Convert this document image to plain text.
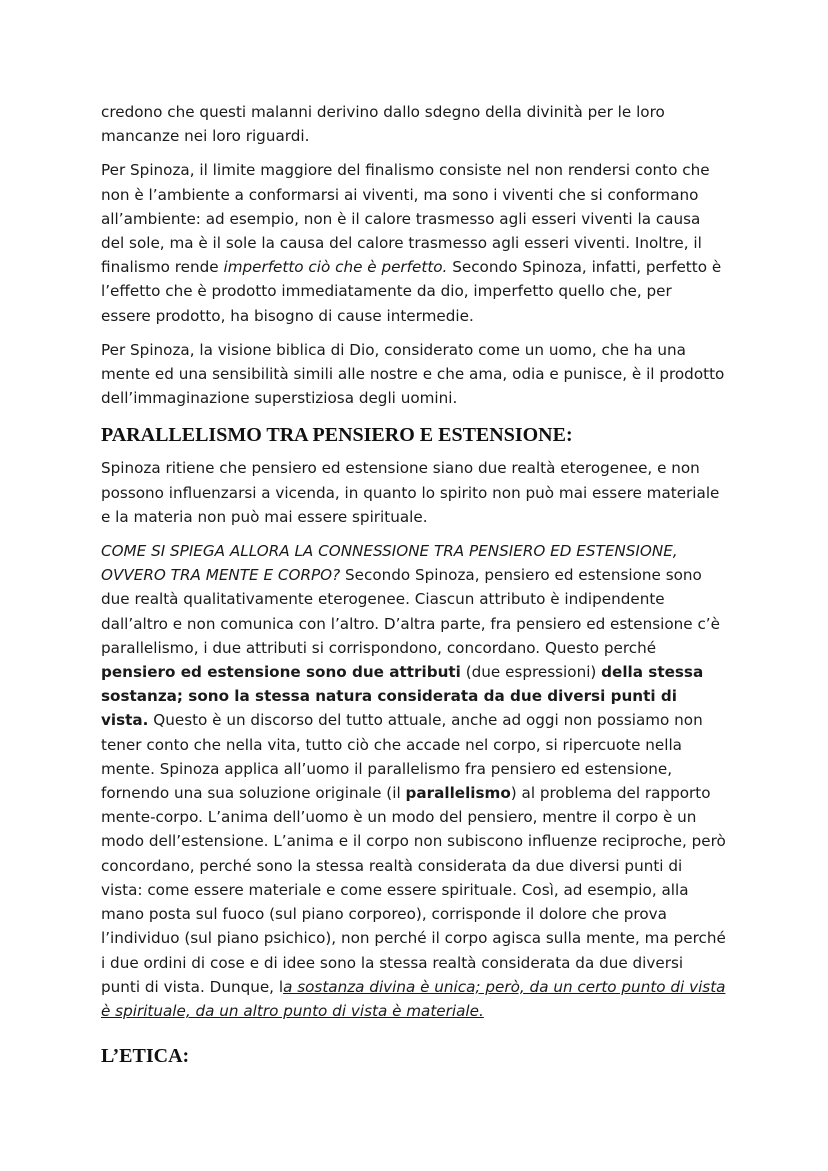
credono che questi malanni derivino dallo sdegno della divinità per le loro mancanze nei loro riguardi.

Per Spinoza, il limite maggiore del finalismo consiste nel non rendersi conto che non è l’ambiente a conformarsi ai viventi, ma sono i viventi che si conformano all’ambiente: ad esempio, non è il calore trasmesso agli esseri viventi la causa del sole, ma è il sole la causa del calore trasmesso agli esseri viventi. Inoltre, il finalismo rende imperfetto ciò che è perfetto. Secondo Spinoza, infatti, perfetto è l’effetto che è prodotto immediatamente da dio, imperfetto quello che, per essere prodotto, ha bisogno di cause intermedie.

Per Spinoza, la visione biblica di Dio, considerato come un uomo, che ha una mente ed una sensibilità simili alle nostre e che ama, odia e punisce, è il prodotto dell’immaginazione superstiziosa degli uomini.

PARALLELISMO TRA PENSIERO E ESTENSIONE:

Spinoza ritiene che pensiero ed estensione siano due realtà eterogenee, e non possono influenzarsi a vicenda, in quanto lo spirito non può mai essere materiale e la materia non può mai essere spirituale.

COME SI SPIEGA ALLORA LA CONNESSIONE TRA PENSIERO ED ESTENSIONE, OVVERO TRA MENTE E CORPO? Secondo Spinoza, pensiero ed estensione sono due realtà qualitativamente eterogenee. Ciascun attributo è indipendente dall’altro e non comunica con l’altro. D’altra parte, fra pensiero ed estensione c’è parallelismo, i due attributi si corrispondono, concordano. Questo perché pensiero ed estensione sono due attributi (due espressioni) della stessa sostanza; sono la stessa natura considerata da due diversi punti di vista. Questo è un discorso del tutto attuale, anche ad oggi non possiamo non tener conto che nella vita, tutto ciò che accade nel corpo, si ripercuote nella mente. Spinoza applica all’uomo il parallelismo fra pensiero ed estensione, fornendo una sua soluzione originale (il parallelismo) al problema del rapporto mente-corpo. L’anima dell’uomo è un modo del pensiero, mentre il corpo è un modo dell’estensione. L’anima e il corpo non subiscono influenze reciproche, però concordano, perché sono la stessa realtà considerata da due diversi punti di vista: come essere materiale e come essere spirituale. Così, ad esempio, alla mano posta sul fuoco (sul piano corporeo), corrisponde il dolore che prova l’individuo (sul piano psichico), non perché il corpo agisca sulla mente, ma perché i due ordini di cose e di idee sono la stessa realtà considerata da due diversi punti di vista. Dunque, la sostanza divina è unica; però, da un certo punto di vista è spirituale, da un altro punto di vista è materiale.

L’ETICA:
